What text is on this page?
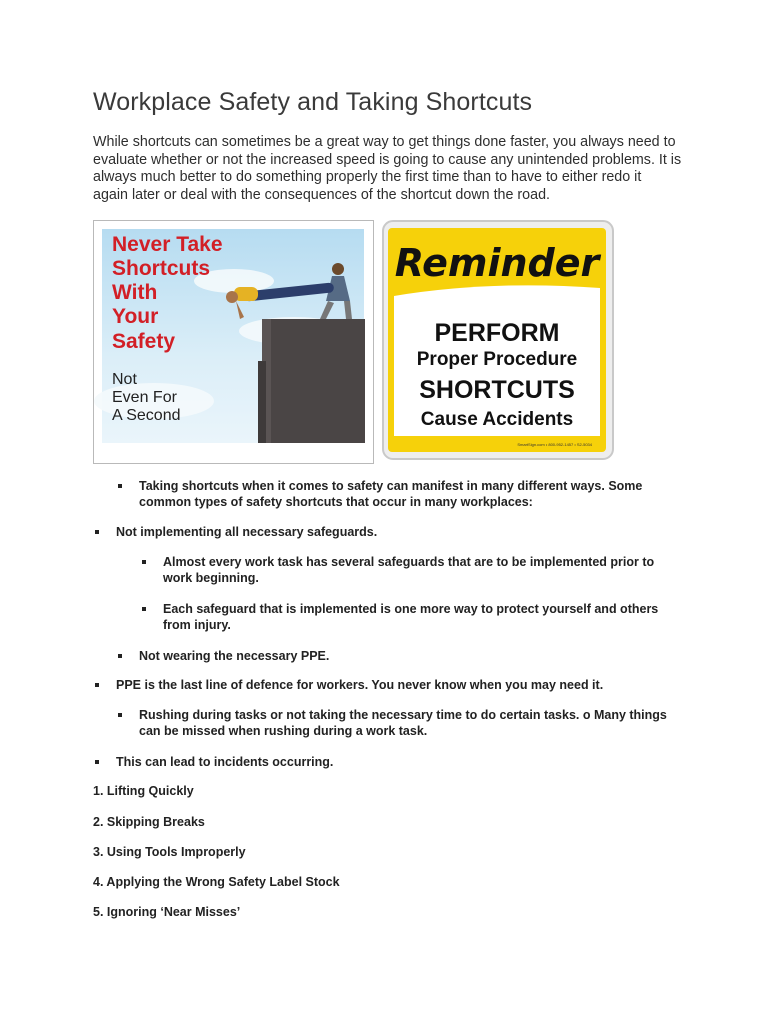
Workplace Safety and Taking Shortcuts
While shortcuts can sometimes be a great way to get things done faster, you always need to
evaluate whether or not the increased speed is going to cause any unintended problems. It is
always much better to do something properly the first time than to have to either redo it
again later or deal with the consequences of the shortcut down the road.
Never Take
Shortcuts
With
Your
Safety
Not
Even For
A Second
Reminder
PERFORM
Proper Procedure
SHORTCUTS
Cause Accidents
SmartSign.com • 800-952-1457 • S2-5034
Taking shortcuts when it comes to safety can manifest in many different ways. Some
common types of safety shortcuts that occur in many workplaces:
Not implementing all necessary safeguards.
Almost every work task has several safeguards that are to be implemented prior to
work beginning.
Each safeguard that is implemented is one more way to protect yourself and others
from injury.
Not wearing the necessary PPE.
PPE is the last line of defence for workers. You never know when you may need it.
Rushing during tasks or not taking the necessary time to do certain tasks. o Many things
can be missed when rushing during a work task.
This can lead to incidents occurring.
1. Lifting Quickly
2. Skipping Breaks
3. Using Tools Improperly
4. Applying the Wrong Safety Label Stock
5. Ignoring ‘Near Misses’
